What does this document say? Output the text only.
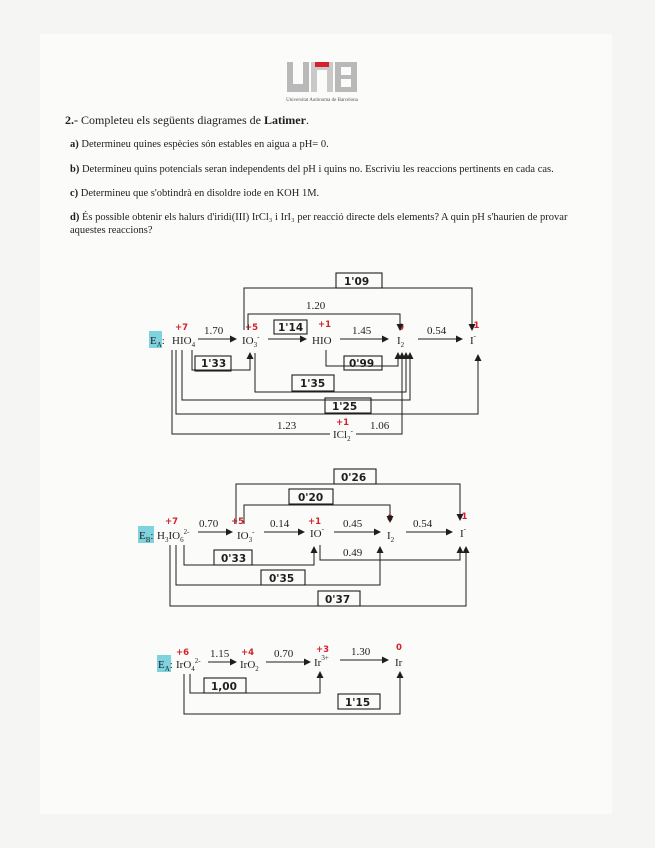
Universitat Autònoma de Barcelona
2.- Completeu els següents diagrames de Latimer.
a) Determineu quines espècies són estables en aigua a pH= 0.
b) Determineu quins potencials seran independents del pH i quins no. Escriviu les reaccions pertinents en cada cas.
c) Determineu que s'obtindrà en disoldre iode en KOH 1M.
d) És possible obtenir els halurs d'iridi(III) IrCl₃ i IrI₃ per reacció directe dels elements? A quin pH s'haurien de provar aquestes reaccions?
$E_A$: $HIO_4$
1.70
$IO_3^-$	HIO
1.45
$I_2$
0.54
I-
+7	+5	+1	0	-1
1'14
1.20
1'09
1'33	0'99
1'35
1'25
1.23
ICl$_2$-
+1 1.06
$E_B$: $H_3IO_6^{2-}$
0.70
$IO_3^-$
0.14
IO- 0.45
$I_2$
0.54
I-
+7	+5	+1	0	-1
0'26
0'20
0'33	0.49
0'35
0'37
$E_A$: IrO$_4^{2-}$
1.15
IrO$_2$
0.70
$Ir^{3+}$ 1.30
Ir
+6	+4	+3	0
1,00
1'15
